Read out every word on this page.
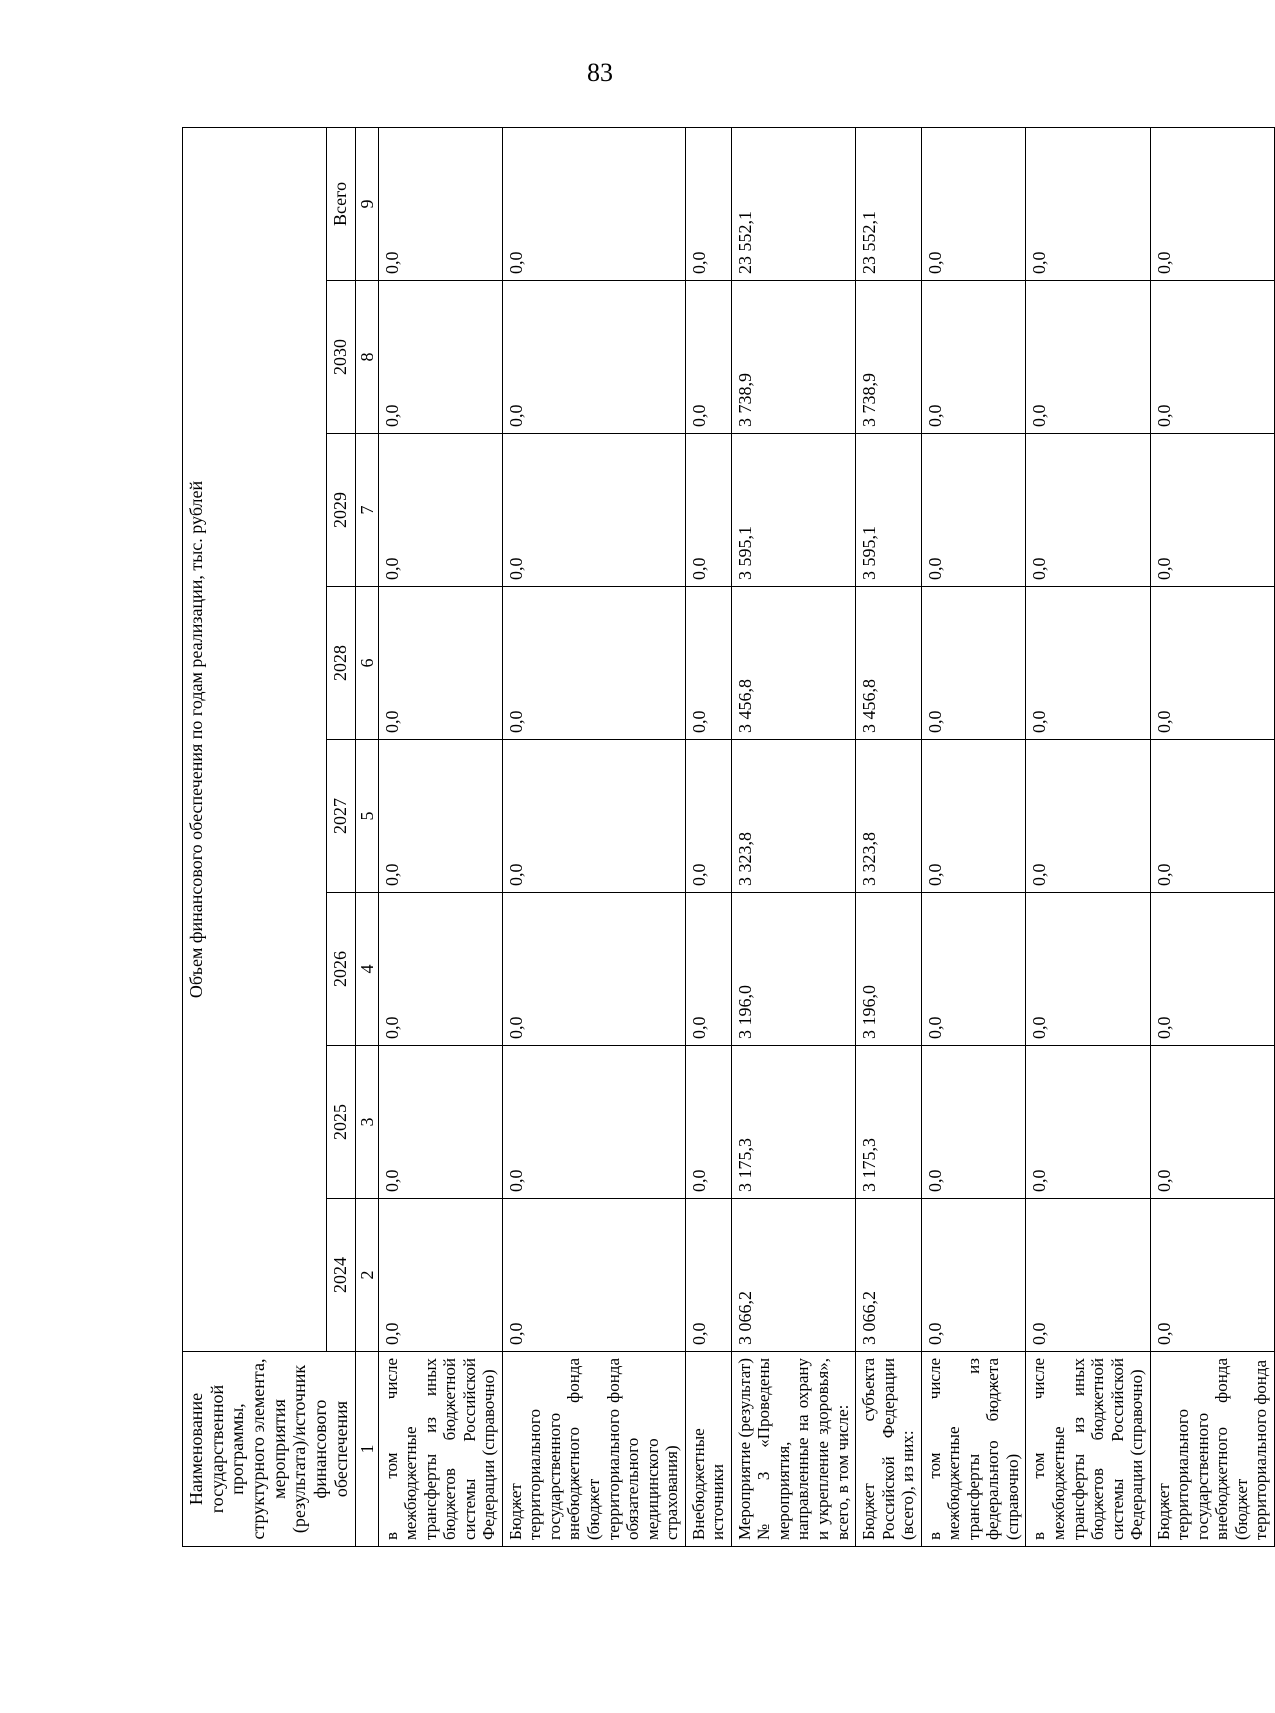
83
Наименование государственной программы, структурного элемента, мероприятия (результата)/источник финансового обеспечения	Объем финансового обеспечения по годам реализации, тыс. рублей							
	2024	2025	2026	2027	2028	2029	2030	Всего
1	2	3	4	5	6	7	8	9
в том числе межбюджетные трансферты из иных бюджетов бюджетной системы Российской Федерации (справочно)	0,0	0,0	0,0	0,0	0,0	0,0	0,0	0,0
Бюджет территориального государственного внебюджетного фонда (бюджет территориального фонда обязательного медицинского страхования)	0,0	0,0	0,0	0,0	0,0	0,0	0,0	0,0
Внебюджетные источники	0,0	0,0	0,0	0,0	0,0	0,0	0,0	0,0
Мероприятие (результат) № 3 «Проведены мероприятия, направленные на охрану и укрепление здоровья», всего, в том числе:	3 066,2	3 175,3	3 196,0	3 323,8	3 456,8	3 595,1	3 738,9	23 552,1
Бюджет субъекта Российской Федерации (всего), из них:	3 066,2	3 175,3	3 196,0	3 323,8	3 456,8	3 595,1	3 738,9	23 552,1
в том числе межбюджетные трансферты из федерального бюджета (справочно)	0,0	0,0	0,0	0,0	0,0	0,0	0,0	0,0
в том числе межбюджетные трансферты из иных бюджетов бюджетной системы Российской Федерации (справочно)	0,0	0,0	0,0	0,0	0,0	0,0	0,0	0,0
Бюджет территориального государственного внебюджетного фонда (бюджет территориального фонда	0,0	0,0	0,0	0,0	0,0	0,0	0,0	0,0
